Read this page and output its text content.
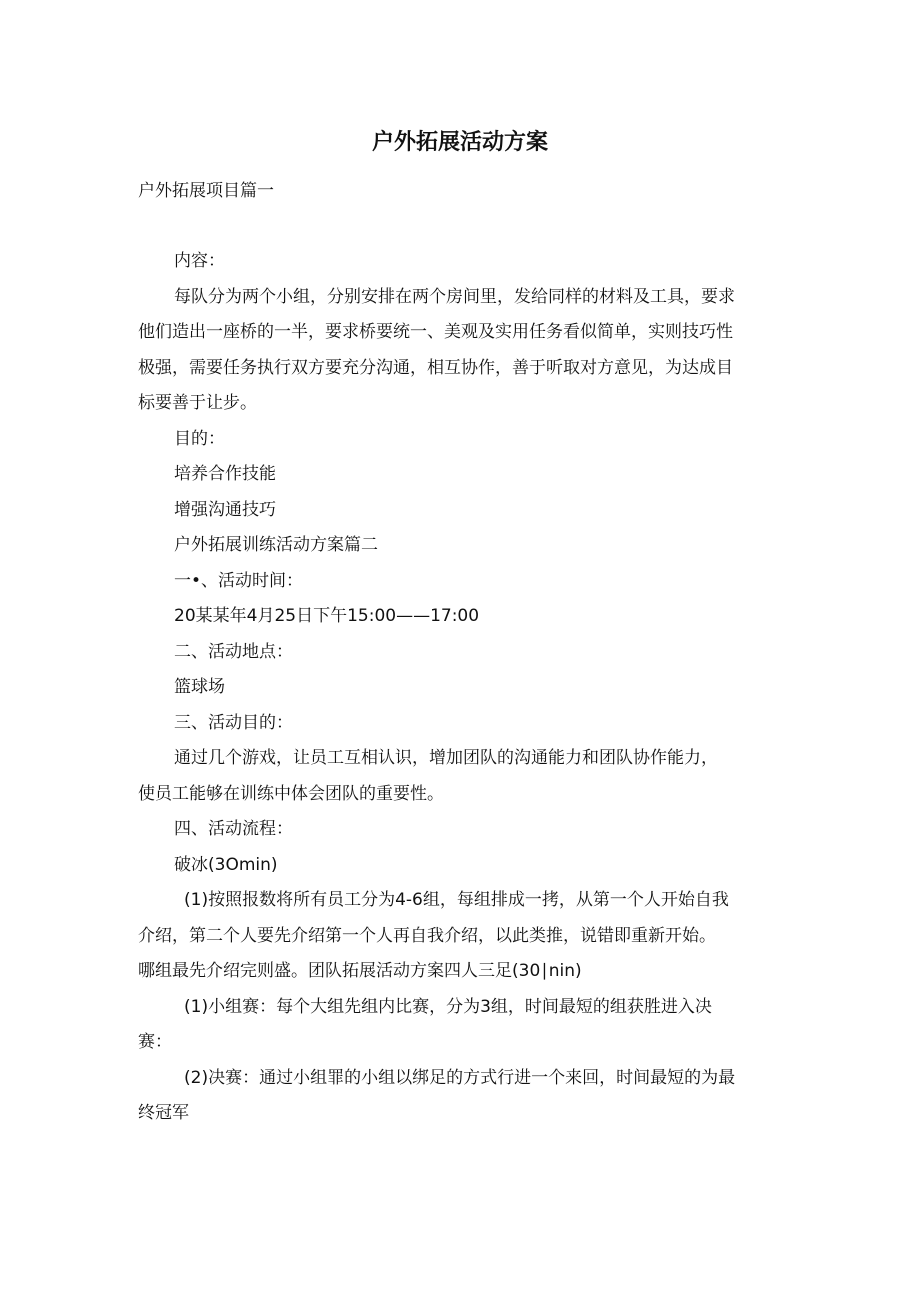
户外拓展活动方案
户外拓展项目篇一
内容：
每队分为两个小组，分别安排在两个房间里，发给同样的材料及工具，要求
他们造出一座桥的一半，要求桥要统一、美观及实用任务看似简单，实则技巧性
极强，需要任务执行双方要充分沟通，相互协作，善于听取对方意见，为达成目
标要善于让步。
目的：
培养合作技能
增强沟通技巧
户外拓展训练活动方案篇二
一•、活动时间：
20某某年4月25日下午15:00——17:00
二、活动地点：
篮球场
三、活动目的：
通过几个游戏，让员工互相认识，增加团队的沟通能力和团队协作能力，
使员工能够在训练中体会团队的重要性。
四、活动流程：
破冰(3Omin)
(1)按照报数将所有员工分为4-6组，每组排成一拷，从第一个人开始自我
介绍，第二个人要先介绍第一个人再自我介绍，以此类推，说错即重新开始。
哪组最先介绍完则盛。团队拓展活动方案四人三足(30∣nin)
(1)小组赛：每个大组先组内比赛，分为3组，时间最短的组获胜进入决
赛：
(2)决赛：通过小组罪的小组以绑足的方式行进一个来回，时间最短的为最
终冠军
